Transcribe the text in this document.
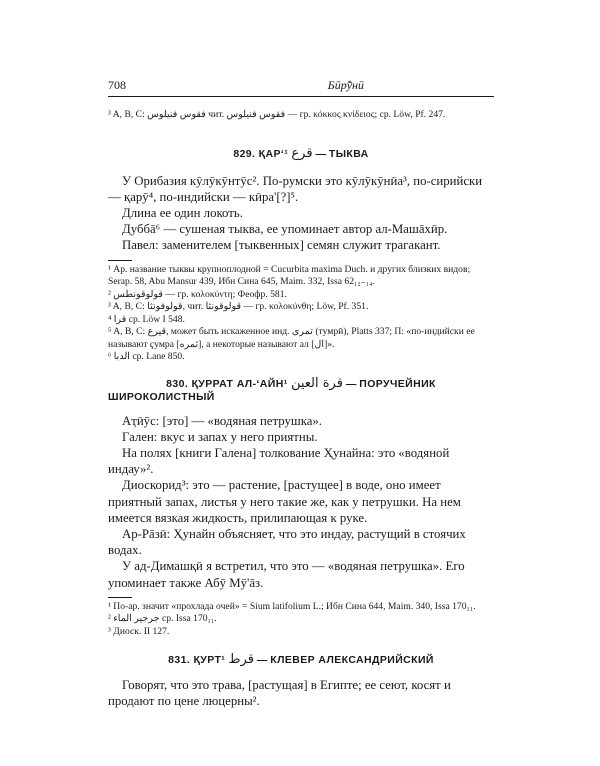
708	Бӣр̂ӯнӣ

³ A, B, C: ﻓﻘﻮﺱ ﻓﻨﻴﻠﻮﺱ чит. ﻓﻘﻮﺱ ﻓﻨﻴﻠﻮﺱ — гр. κόκκος κνίδειος; cp. Löw, Pf. 247.

829. ҚАРʻ¹ ﻗﺮﻉ — ТЫКВА

У Орибазия кӯлӯкӯнтӯс². По-румски это кӯлӯкӯнӣа³, по-сирийски — қарӯ⁴, по-индийски — кӣра'[?]⁵.

Длина ее один локоть.

Дуббā⁶ — сушеная тыква, ее упоминает автор ал-Машāхӣр.

Павел: заменителем [тыквенных] семян служит трагакант.

¹ Ар. название тыквы крупноплодной = Cucurbita maxima Duch. и других близких видов; Serap. 58, Abu Mansur 439, Ибн Сина 645, Maim. 332, Issa 62₁₂₋₁₄.

² ﻗﻮﻟﻮﻗﻮﻧﻄﺲ — гр. κολοκύντη; Феофр. 581.

³ A, B, C: ﻗﻮﻟﻮﻓﻮﻧﺜﺎ, чит. ﻗﻮﻟﻮﻗﻮﻧﺜﺎ — гр. κολοκύνθη; Löw, Pf. 351.

⁴ ﻗﺮﺍ cp. Löw I 548.

⁵ A, B, C: ﻗﻴﺮﻉ, может быть искаженное инд. ﺗﻤﺮﻯ (тумрӣ), Platts 337; П: «по-индийски ее называют ҫумра [ﺛﻤﺮﻩ], а некоторые называют ал [ﺍﻝ]».

⁶ ﺍﻟﺪﺑﺎ cp. Lane 850.

830. ҚУРРАТ АЛ-ʻАЙН¹ ﻗﺮﺓ ﺍﻟﻌﻴﻦ — ПОРУЧЕЙНИК

ШИРОКОЛИСТНЫЙ

Аҭӣӯс: [это] — «водяная петрушка».

Гален: вкус и запах у него приятны.

На полях [книги Галена] толкование Ҳунайна: это «водяной индау»².

Диоскорид³: это — растение, [растущее] в воде, оно имеет приятный запах, листья у него такие же, как у петрушки. На нем имеется вязкая жидкость, прилипающая к руке.

Ар-Рāзӣ: Ҳунайн объясняет, что это индау, растущий в стоячих водах.

У ад-Димашқӣ я встретил, что это — «водяная петрушка». Его упоминает также Абӯ Мӯ'āз.

¹ По-ар. значит «прохлада очей» = Sium latifolium L.; Ибн Сина 644, Maim. 340, Issa 170₁₁.

² ﺟﺮﺟﻴﺮ ﺍﻟﻤﺎﺀ cp. Issa 170₁₁.

³ Диоск. II 127.

831. ҚУРТ¹ ﻗﺮﻁ — КЛЕВЕР АЛЕКСАНДРИЙСКИЙ

Говорят, что это трава, [растущая] в Египте; ее сеют, косят и продают по цене люцерны².
